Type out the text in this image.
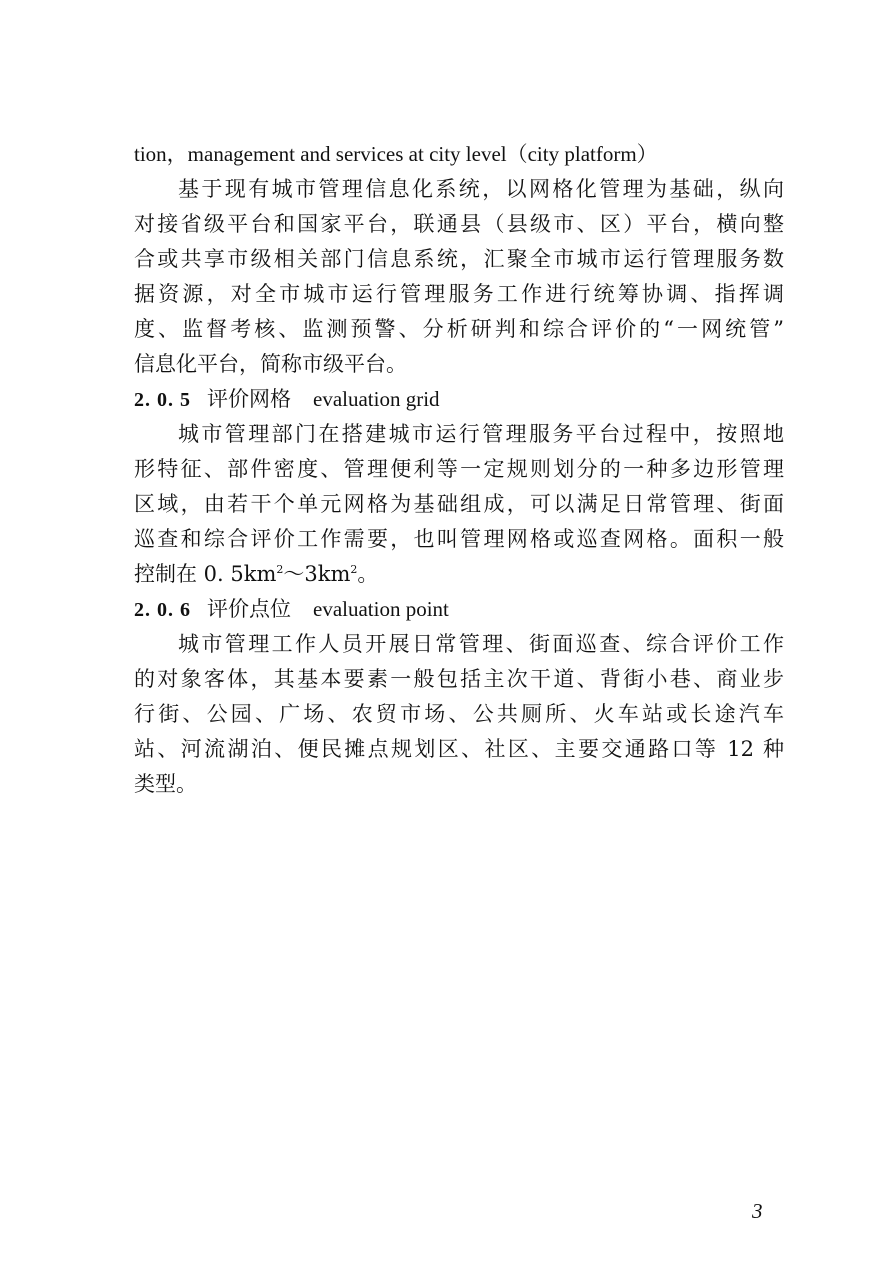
tion，management and services at city level（city platform）
基于现有城市管理信息化系统，以网格化管理为基础，纵向
对接省级平台和国家平台，联通县（县级市、区）平台，横向整
合或共享市级相关部门信息系统，汇聚全市城市运行管理服务数
据资源，对全市城市运行管理服务工作进行统筹协调、指挥调
度、监督考核、监测预警、分析研判和综合评价的“一网统管”
信息化平台，简称市级平台。
2. 0. 5 评价网格 evaluation grid
城市管理部门在搭建城市运行管理服务平台过程中，按照地
形特征、部件密度、管理便利等一定规则划分的一种多边形管理
区域，由若干个单元网格为基础组成，可以满足日常管理、街面
巡查和综合评价工作需要，也叫管理网格或巡查网格。面积一般
控制在 0. $5km^2\sim 3km^2$。
2. 0. 6 评价点位 evaluation point
城市管理工作人员开展日常管理、街面巡查、综合评价工作
的对象客体，其基本要素一般包括主次干道、背街小巷、商业步
行街、公园、广场、农贸市场、公共厕所、火车站或长途汽车
站、河流湖泊、便民摊点规划区、社区、主要交通路口等 12 种
类型。
3
